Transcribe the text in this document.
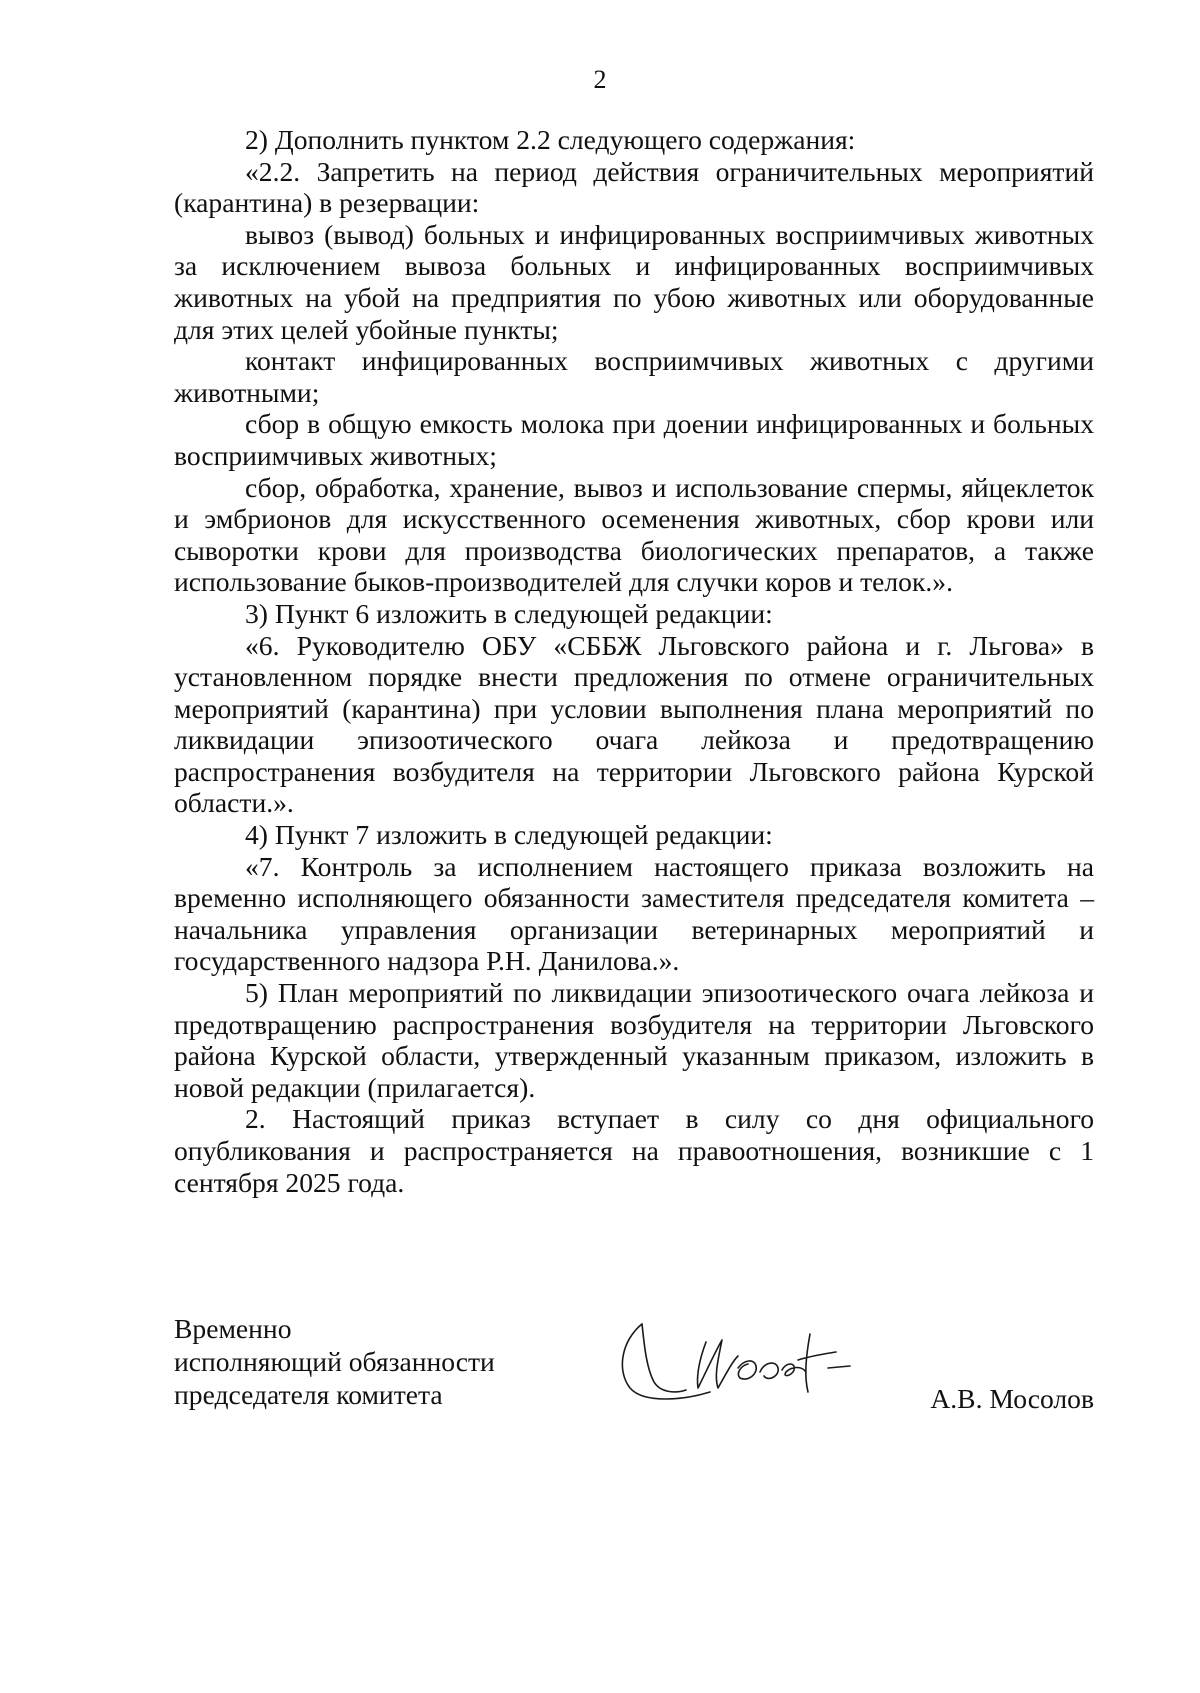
2

2) Дополнить пунктом 2.2 следующего содержания:

«2.2. Запретить на период действия ограничительных мероприятий (карантина) в резервации:

вывоз (вывод) больных и инфицированных восприимчивых животных за исключением вывоза больных и инфицированных восприимчивых животных на убой на предприятия по убою животных или оборудованные для этих целей убойные пункты;

контакт инфицированных восприимчивых животных с другими животными;

сбор в общую емкость молока при доении инфицированных и больных восприимчивых животных;

сбор, обработка, хранение, вывоз и использование спермы, яйцеклеток и эмбрионов для искусственного осеменения животных, сбор крови или сыворотки крови для производства биологических препаратов, а также использование быков-производителей для случки коров и телок.».

3) Пункт 6 изложить в следующей редакции:

«6. Руководителю ОБУ «СББЖ Льговского района и г. Льгова» в установленном порядке внести предложения по отмене ограничительных мероприятий (карантина) при условии выполнения плана мероприятий по ликвидации эпизоотического очага лейкоза и предотвращению распространения возбудителя на территории Льговского района Курской области.».

4) Пункт 7 изложить в следующей редакции:

«7. Контроль за исполнением настоящего приказа возложить на временно исполняющего обязанности заместителя председателя комитета – начальника управления организации ветеринарных мероприятий и государственного надзора Р.Н. Данилова.».

5) План мероприятий по ликвидации эпизоотического очага лейкоза и предотвращению распространения возбудителя на территории Льговского района Курской области, утвержденный указанным приказом, изложить в новой редакции (прилагается).

2. Настоящий приказ вступает в силу со дня официального опубликования и распространяется на правоотношения, возникшие с 1 сентября 2025 года.

Временно
исполняющий обязанности
председателя комитета	А.В. Мосолов
